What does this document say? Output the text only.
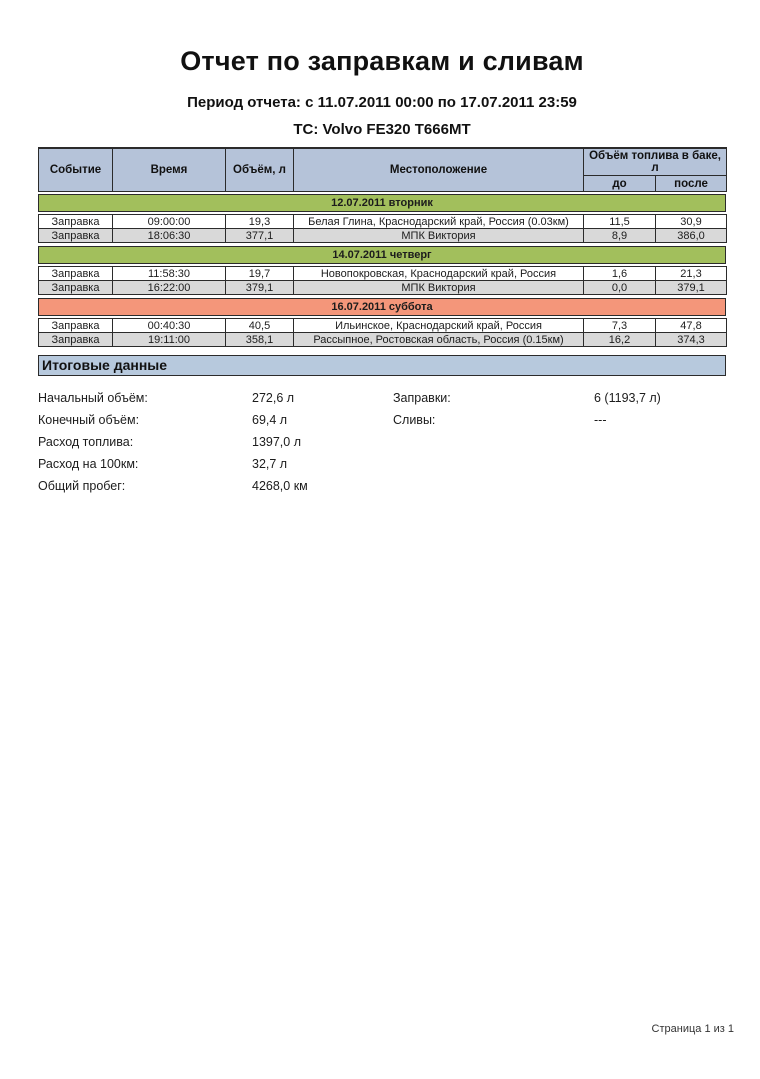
Отчет по заправкам и сливам
Период отчета: с 11.07.2011 00:00 по 17.07.2011 23:59
ТС: Volvo FE320 Т666МТ
Событие	Время	Объём, л	Местоположение	Объём топлива в баке, л	
				до	после
12.07.2011 вторник
Заправка	09:00:00	19,3	Белая Глина, Краснодарский край, Россия (0.03км)	11,5	30,9
Заправка	18:06:30	377,1	МПК Виктория	8,9	386,0
14.07.2011 четверг
Заправка	11:58:30	19,7	Новопокровская, Краснодарский край, Россия	1,6	21,3
Заправка	16:22:00	379,1	МПК Виктория	0,0	379,1
16.07.2011 суббота
Заправка	00:40:30	40,5	Ильинское, Краснодарский край, Россия	7,3	47,8
Заправка	19:11:00	358,1	Рассыпное, Ростовская область, Россия (0.15км)	16,2	374,3
Итоговые данные
Начальный объём:	272,6 л	Заправки:	6 (1193,7 л)
Конечный объём:	69,4 л	Сливы:	---
Расход топлива:	1397,0 л
Расход на 100км:	32,7 л
Общий пробег:	4268,0 км
Страница 1 из 1
